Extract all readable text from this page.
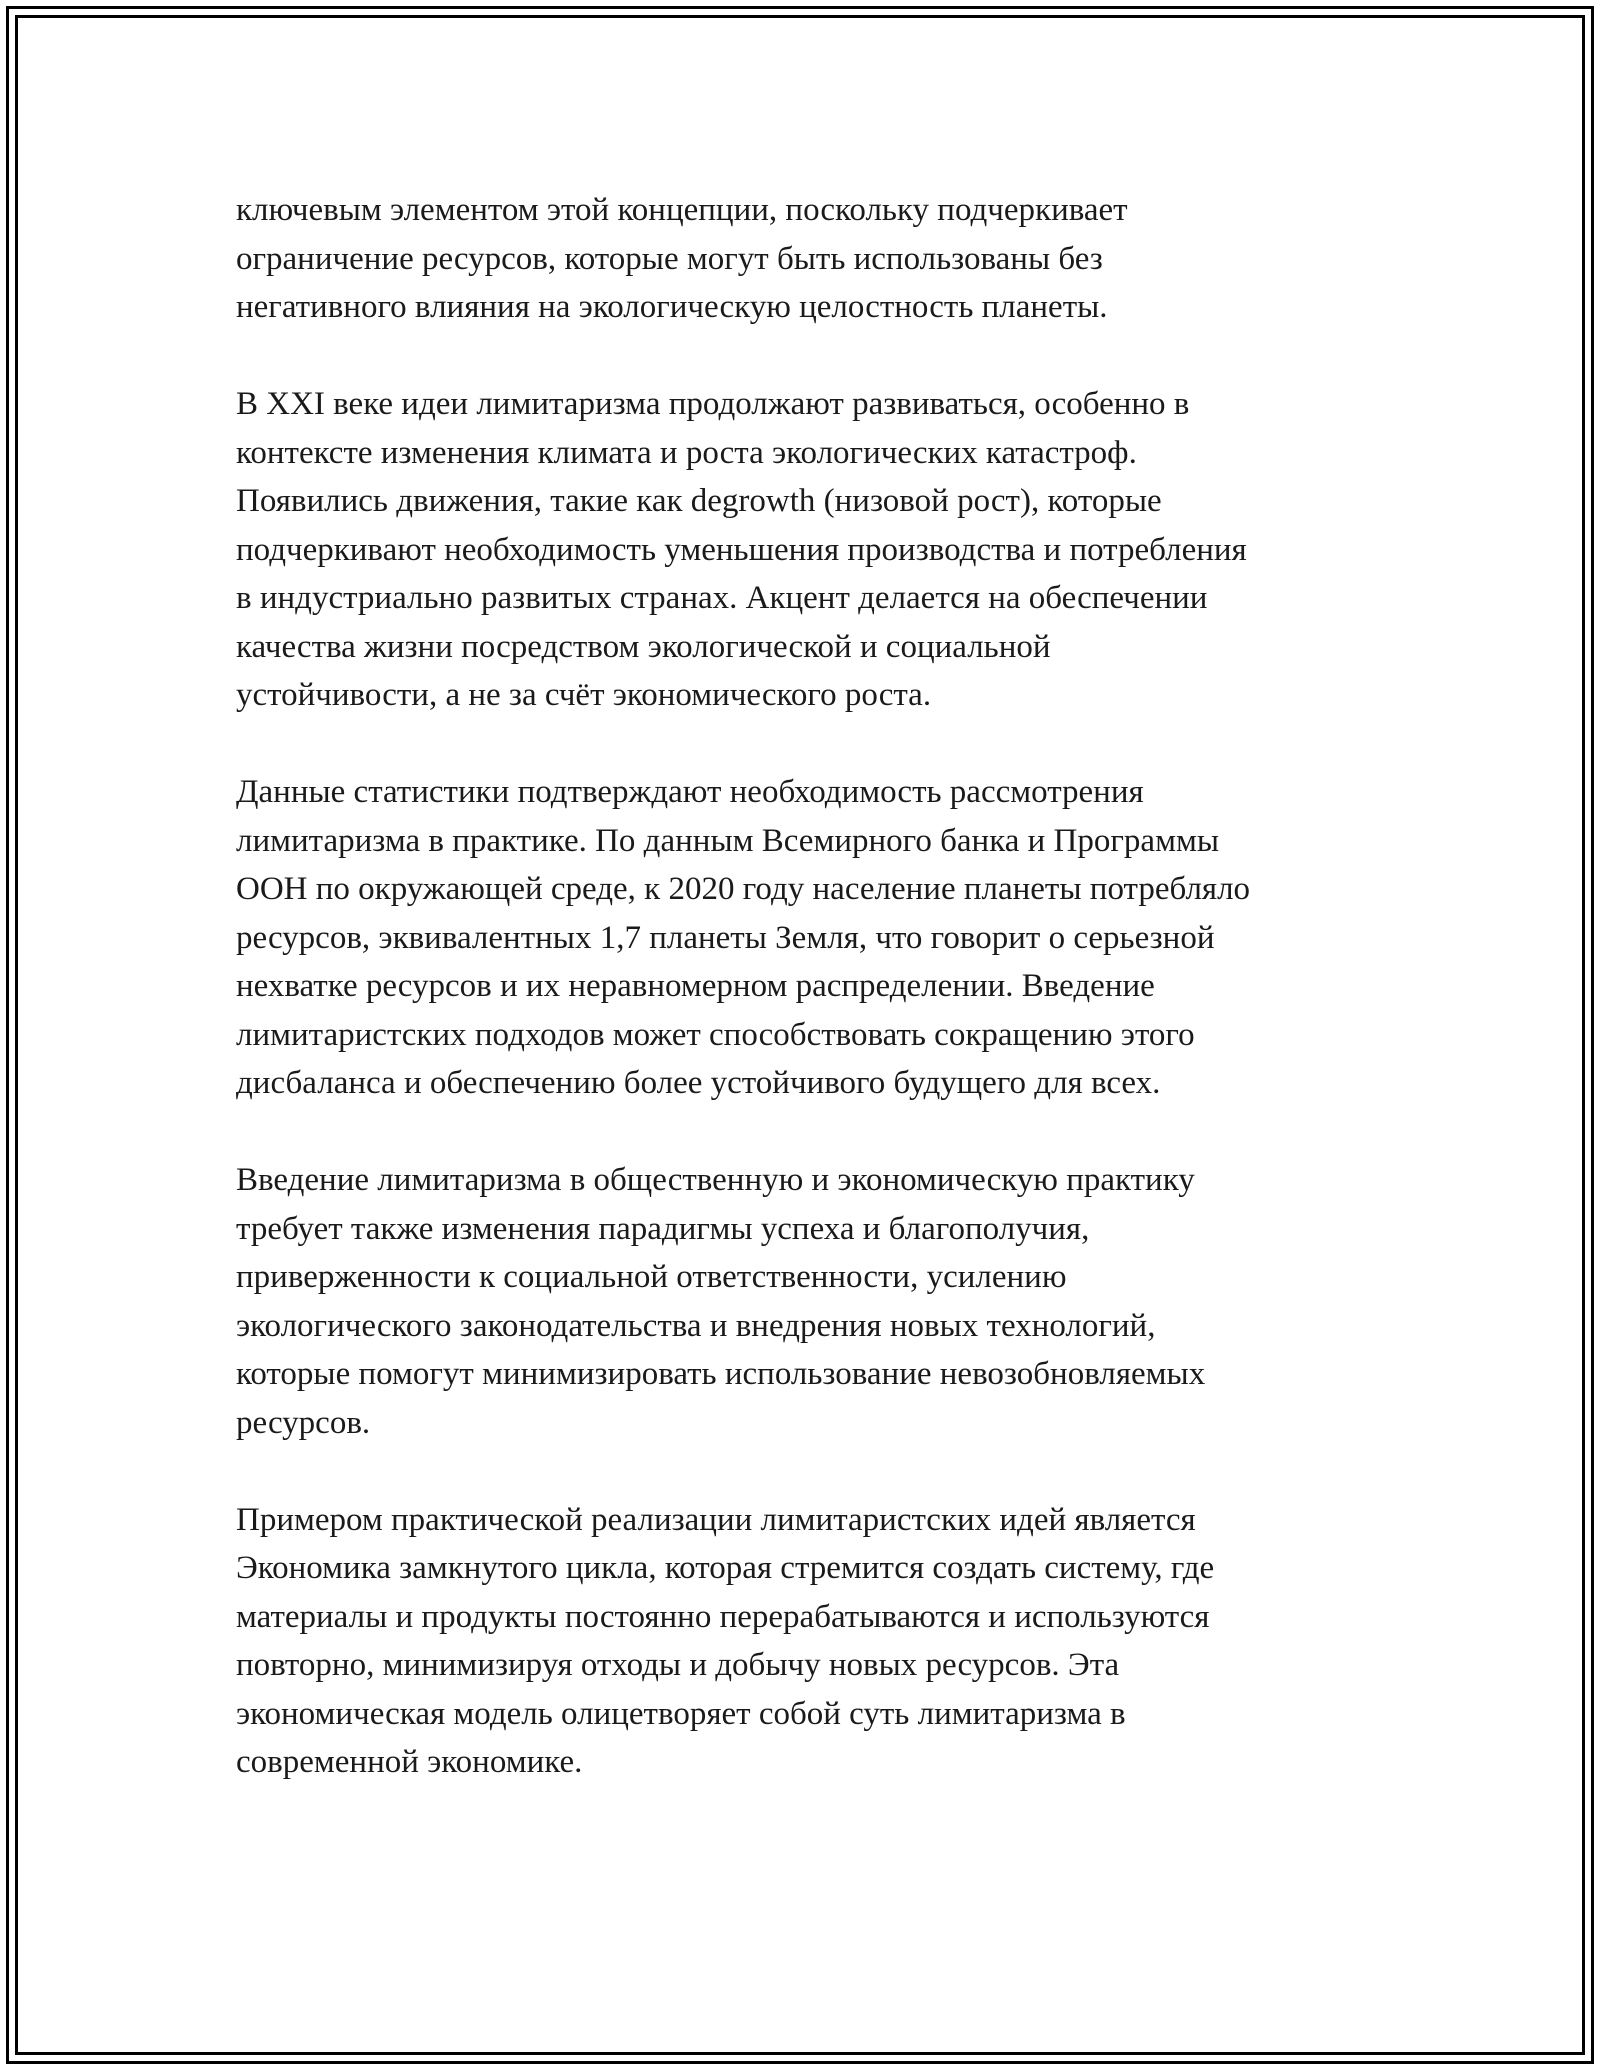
ключевым элементом этой концепции, поскольку подчеркивает
ограничение ресурсов, которые могут быть использованы без
негативного влияния на экологическую целостность планеты.

В XXI веке идеи лимитаризма продолжают развиваться, особенно в
контексте изменения климата и роста экологических катастроф.
Появились движения, такие как degrowth (низовой рост), которые
подчеркивают необходимость уменьшения производства и потребления
в индустриально развитых странах. Акцент делается на обеспечении
качества жизни посредством экологической и социальной
устойчивости, а не за счёт экономического роста.

Данные статистики подтверждают необходимость рассмотрения
лимитаризма в практике. По данным Всемирного банка и Программы
ООН по окружающей среде, к 2020 году население планеты потребляло
ресурсов, эквивалентных 1,7 планеты Земля, что говорит о серьезной
нехватке ресурсов и их неравномерном распределении. Введение
лимитаристских подходов может способствовать сокращению этого
дисбаланса и обеспечению более устойчивого будущего для всех.

Введение лимитаризма в общественную и экономическую практику
требует также изменения парадигмы успеха и благополучия,
приверженности к социальной ответственности, усилению
экологического законодательства и внедрения новых технологий,
которые помогут минимизировать использование невозобновляемых
ресурсов.

Примером практической реализации лимитаристских идей является
Экономика замкнутого цикла, которая стремится создать систему, где
материалы и продукты постоянно перерабатываются и используются
повторно, минимизируя отходы и добычу новых ресурсов. Эта
экономическая модель олицетворяет собой суть лимитаризма в
современной экономике.
